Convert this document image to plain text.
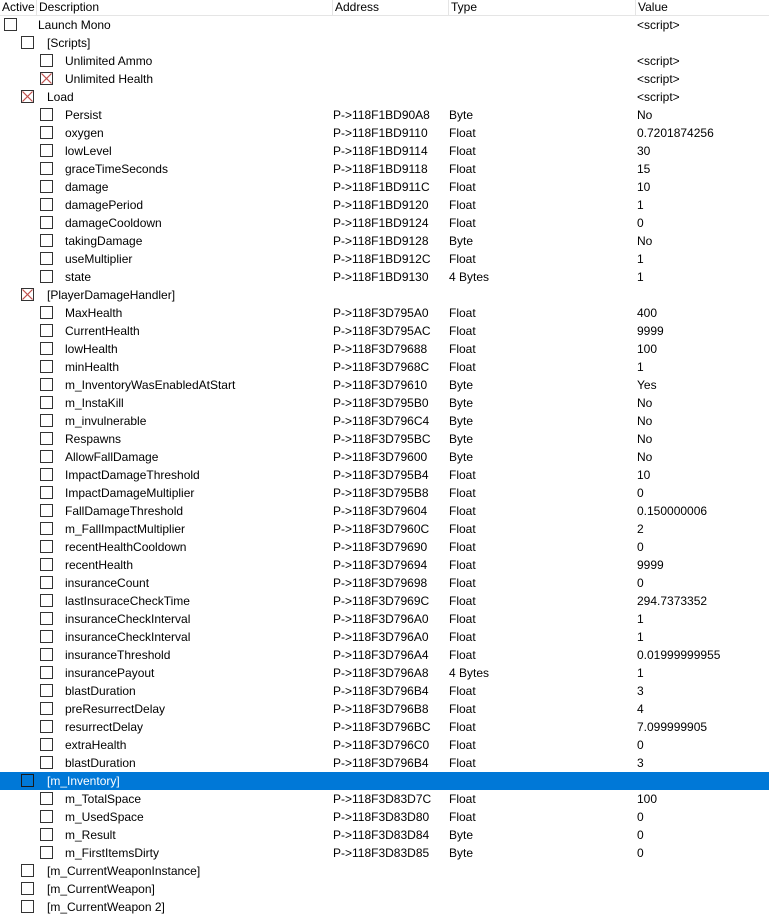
Active Description	Address	Type	Value
Launch Mono	<script>
[Scripts]
Unlimited Ammo	<script>
Unlimited Health	<script>
Load	<script>
Persist	P->118F1BD90A8 Byte	No
oxygen	P->118F1BD9110 Float	0.7201874256
lowLevel	P->118F1BD9114 Float	30
graceTimeSeconds	P->118F1BD9118 Float	15
damage	P->118F1BD911C Float	10
damagePeriod	P->118F1BD9120 Float	1
damageCooldown	P->118F1BD9124 Float	0
takingDamage	P->118F1BD9128 Byte	No
useMultiplier	P->118F1BD912C Float	1
state	P->118F1BD9130 4 Bytes	1
[PlayerDamageHandler]
MaxHealth	P->118F3D795A0 Float	400
CurrentHealth	P->118F3D795AC Float	9999
lowHealth	P->118F3D79688 Float	100
minHealth	P->118F3D7968C Float	1
m_InventoryWasEnabledAtStart	P->118F3D79610 Byte	Yes
m_InstaKill	P->118F3D795B0 Byte	No
m_invulnerable	P->118F3D796C4 Byte	No
Respawns	P->118F3D795BC Byte	No
AllowFallDamage	P->118F3D79600 Byte	No
ImpactDamageThreshold	P->118F3D795B4 Float	10
ImpactDamageMultiplier	P->118F3D795B8 Float	0
FallDamageThreshold	P->118F3D79604 Float	0.150000006
m_FallImpactMultiplier	P->118F3D7960C Float	2
recentHealthCooldown	P->118F3D79690 Float	0
recentHealth	P->118F3D79694 Float	9999
insuranceCount	P->118F3D79698 Float	0
lastInsuraceCheckTime	P->118F3D7969C Float	294.7373352
insuranceCheckInterval	P->118F3D796A0 Float	1
insuranceCheckInterval	P->118F3D796A0 Float	1
insuranceThreshold	P->118F3D796A4 Float	0.01999999955
insurancePayout	P->118F3D796A8 4 Bytes	1
blastDuration	P->118F3D796B4 Float	3
preResurrectDelay	P->118F3D796B8 Float	4
resurrectDelay	P->118F3D796BC Float	7.099999905
extraHealth	P->118F3D796C0 Float	0
blastDuration	P->118F3D796B4 Float	3
[m_Inventory]
m_TotalSpace	P->118F3D83D7C Float	100
m_UsedSpace	P->118F3D83D80 Float	0
m_Result	P->118F3D83D84 Byte	0
m_FirstItemsDirty	P->118F3D83D85 Byte	0
[m_CurrentWeaponInstance]
[m_CurrentWeapon]
[m_CurrentWeapon 2]
